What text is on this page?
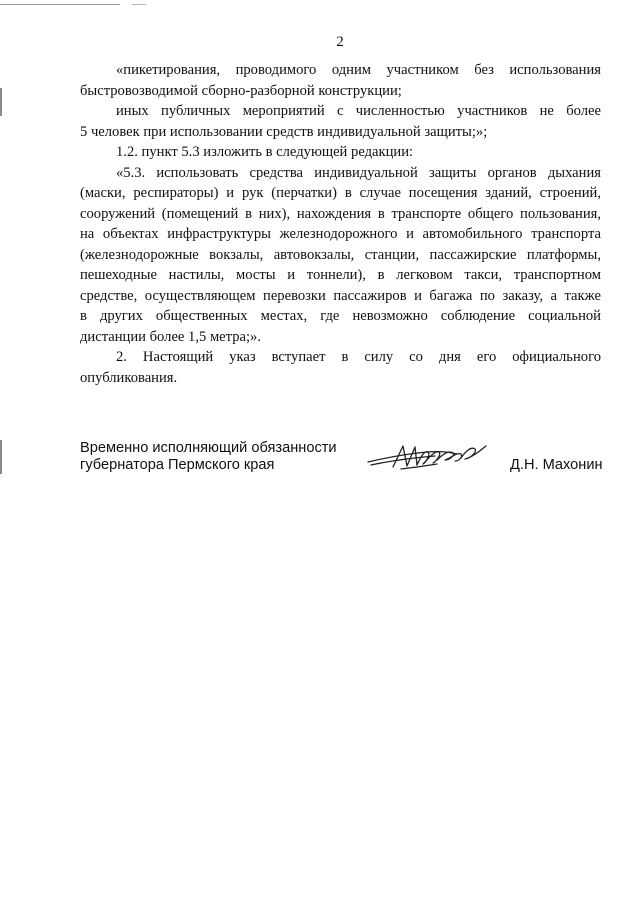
2

«пикетирования, проводимого одним участником без использования
быстровозводимой сборно-разборной конструкции;

иных публичных мероприятий с численностью участников не более
5 человек при использовании средств индивидуальной защиты;»;

1.2. пункт 5.3 изложить в следующей редакции:

«5.3. использовать средства индивидуальной защиты органов дыхания
(маски, респираторы) и рук (перчатки) в случае посещения зданий, строений,
сооружений (помещений в них), нахождения в транспорте общего пользования,
на объектах инфраструктуры железнодорожного и автомобильного транспорта
(железнодорожные вокзалы, автовокзалы, станции, пассажирские платформы,
пешеходные настилы, мосты и тоннели), в легковом такси, транспортном
средстве, осуществляющем перевозки пассажиров и багажа по заказу, а также
в других общественных местах, где невозможно соблюдение социальной
дистанции более 1,5 метра;».

2. Настоящий указ вступает в силу со дня его официального
опубликования.

Временно исполняющий обязанности
губернатора Пермского края	Д.Н. Махонин
